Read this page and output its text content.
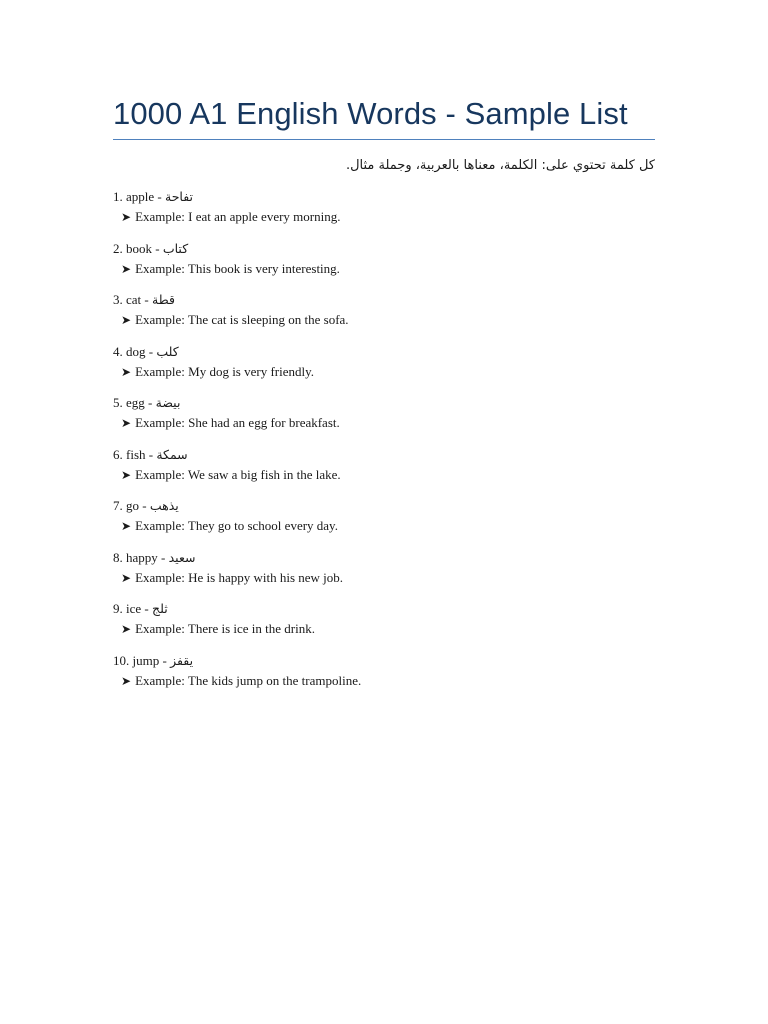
1000 A1 English Words - Sample List
كل كلمة تحتوي على: الكلمة، معناها بالعربية، وجملة مثال.
1. apple - تفاحة
➤ Example: I eat an apple every morning.
2. book - كتاب
➤ Example: This book is very interesting.
3. cat - قطة
➤ Example: The cat is sleeping on the sofa.
4. dog - كلب
➤ Example: My dog is very friendly.
5. egg - بيضة
➤ Example: She had an egg for breakfast.
6. fish - سمكة
➤ Example: We saw a big fish in the lake.
7. go - يذهب
➤ Example: They go to school every day.
8. happy - سعيد
➤ Example: He is happy with his new job.
9. ice - ثلج
➤ Example: There is ice in the drink.
10. jump - يقفز
➤ Example: The kids jump on the trampoline.
